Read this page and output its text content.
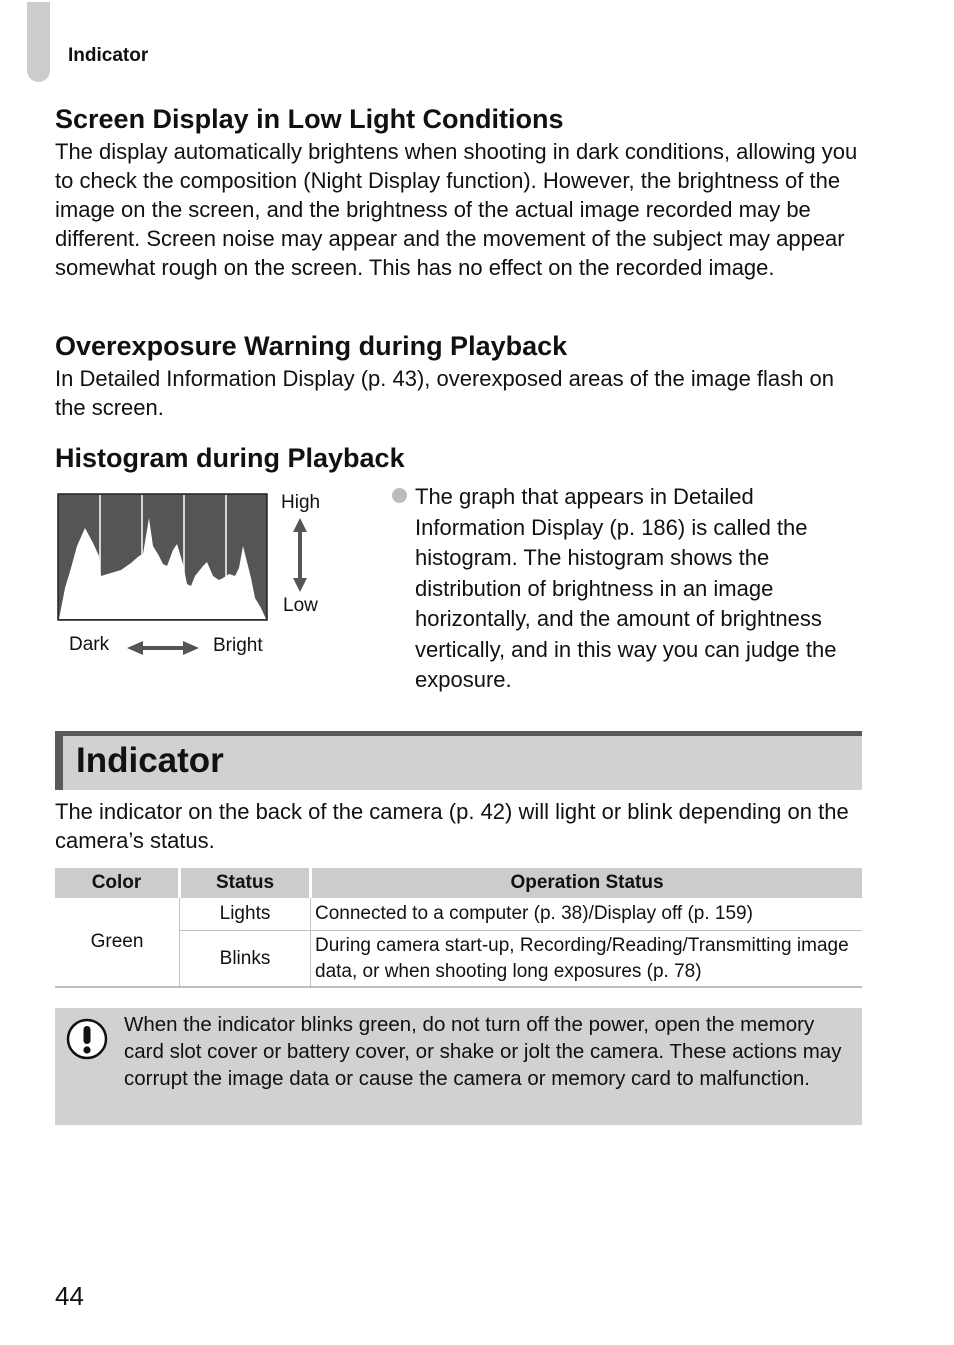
Indicator
Screen Display in Low Light Conditions

The display automatically brightens when shooting in dark conditions, allowing you to check the composition (Night Display function). However, the brightness of the image on the screen, and the brightness of the actual image recorded may be different. Screen noise may appear and the movement of the subject may appear somewhat rough on the screen. This has no effect on the recorded image.

Overexposure Warning during Playback

In Detailed Information Display (p. 43), overexposed areas of the image flash on the screen.

Histogram during Playback
High
Low
Dark	Bright
The graph that appears in Detailed Information Display (p. 186) is called the histogram. The histogram shows the distribution of brightness in an image horizontally, and the amount of brightness vertically, and in this way you can judge the exposure.
Indicator

The indicator on the back of the camera (p. 42) will light or blink depending on the camera’s status.

Color	Status	Operation Status
Green	Lights	Connected to a computer (p. 38)/Display off (p. 159)
	Blinks	During camera start-up, Recording/Reading/Transmitting image data, or when shooting long exposures (p. 78)

When the indicator blinks green, do not turn off the power, open the memory card slot cover or battery cover, or shake or jolt the camera. These actions may corrupt the image data or cause the camera or memory card to malfunction.

44
